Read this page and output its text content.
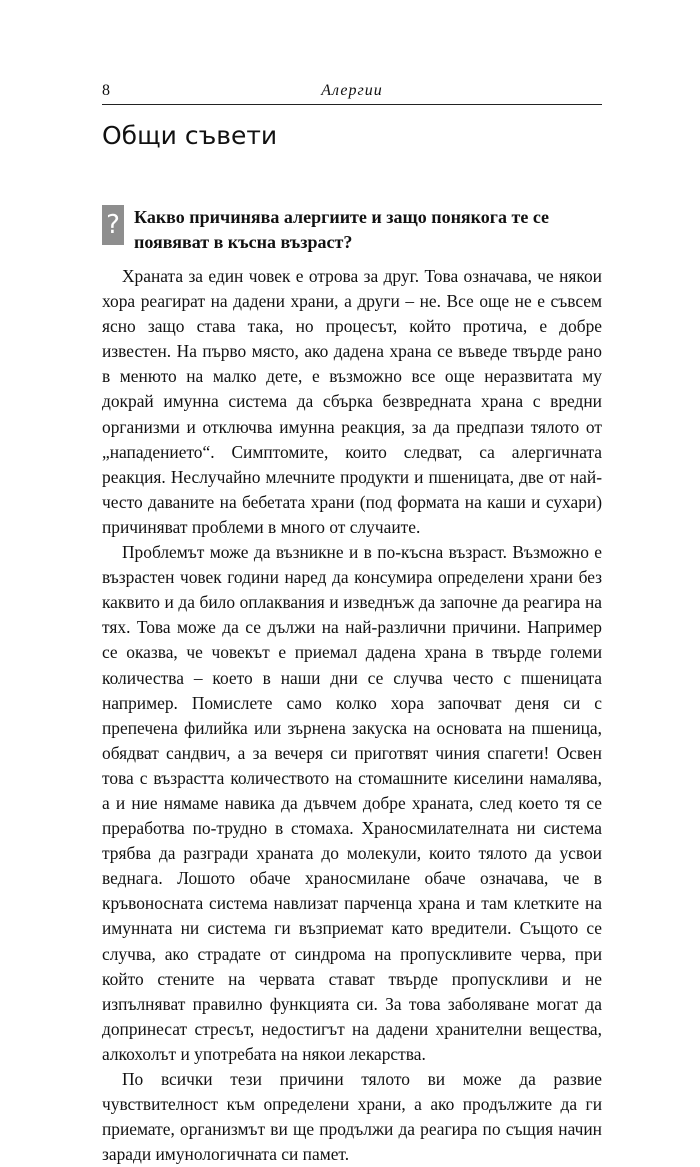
8	Алергии
Общи съвети
? Какво причинява алергиите и защо понякога те се появяват в късна възраст?

Храната за един човек е отрова за друг. Това означава, че някои хора реагират на дадени храни, а други – не. Все още не е съвсем ясно защо става така, но процесът, който протича, е добре известен. На първо място, ако дадена храна се въведе твърде рано в менюто на малко дете, е възможно все още неразвитата му докрай имунна система да сбърка безвредната храна с вредни организми и отключва имунна реакция, за да предпази тялото от „нападението“. Симптомите, които следват, са алергичната реакция. Неслучайно млечните продукти и пшеницата, две от най-често даваните на бебетата храни (под формата на каши и сухари) причиняват проблеми в много от случаите.

Проблемът може да възникне и в по-късна възраст. Възможно е възрастен човек години наред да консумира определени храни без каквито и да било оплаквания и изведнъж да започне да реагира на тях. Това може да се дължи на най-различни причини. Например се оказва, че човекът е приемал дадена храна в твърде големи количества – което в наши дни се случва често с пшеницата например. Помислете само колко хора започват деня си с препечена филийка или зърнена закуска на основата на пшеница, обядват сандвич, а за вечеря си приготвят чиния спагети! Освен това с възрастта количеството на стомашните киселини намалява, а и ние нямаме навика да дъвчем добре храната, след което тя се преработва по-трудно в стомаха. Храносмилателната ни система трябва да разгради храната до молекули, които тялото да усвои веднага. Лошото обаче храносмилане обаче означава, че в кръвоносната система навлизат парченца храна и там клетките на имунната ни система ги възприемат като вредители. Същото се случва, ако страдате от синдрома на пропускливите черва, при който стените на червата стават твърде пропускливи и не изпълняват правилно функцията си. За това заболяване могат да допринесат стресът, недостигът на дадени хранителни вещества, алкохолът и употребата на някои лекарства.

По всички тези причини тялото ви може да развие чувствителност към определени храни, а ако продължите да ги приемате, организмът ви ще продължи да реагира по същия начин заради имунологичната си памет.
